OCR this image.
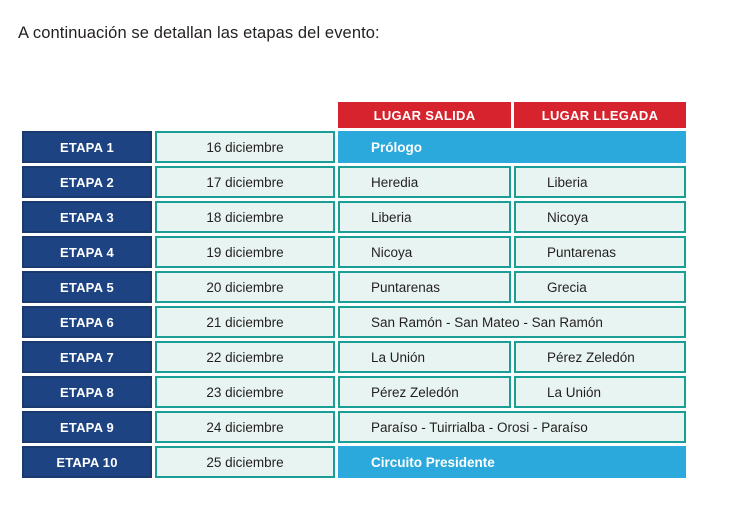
A continuación se detallan las etapas del evento:

		LUGAR SALIDA	LUGAR LLEGADA
ETAPA 1	16 diciembre	Prólogo	
ETAPA 2	17 diciembre	Heredia	Liberia
ETAPA 3	18 diciembre	Liberia	Nicoya
ETAPA 4	19 diciembre	Nicoya	Puntarenas
ETAPA 5	20 diciembre	Puntarenas	Grecia
ETAPA 6	21 diciembre	San Ramón - San Mateo - San Ramón	
ETAPA 7	22 diciembre	La Unión	Pérez Zeledón
ETAPA 8	23 diciembre	Pérez Zeledón	La Unión
ETAPA 9	24 diciembre	Paraíso - Tuirrialba - Orosi - Paraíso	
ETAPA 10	25 diciembre	Circuito Presidente	
